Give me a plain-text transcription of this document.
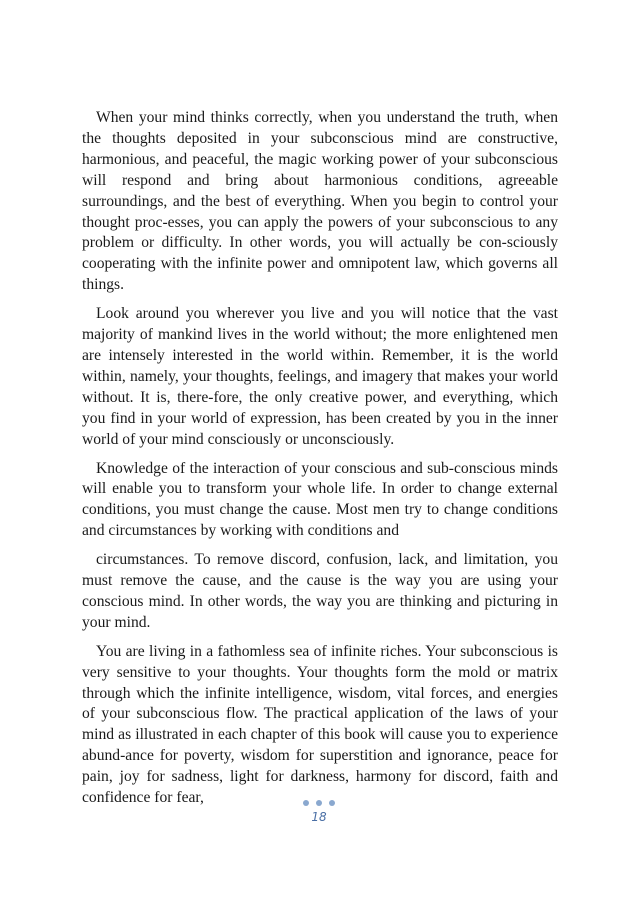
When your mind thinks correctly, when you understand the truth, when the thoughts deposited in your subconscious mind are constructive, harmonious, and peaceful, the magic working power of your subconscious will respond and bring about harmonious conditions, agreeable surroundings, and the best of everything. When you begin to control your thought proc-esses, you can apply the powers of your subconscious to any problem or difficulty. In other words, you will actually be con-sciously cooperating with the infinite power and omnipotent law, which governs all things.

Look around you wherever you live and you will notice that the vast majority of mankind lives in the world without; the more enlightened men are intensely interested in the world within. Remember, it is the world within, namely, your thoughts, feelings, and imagery that makes your world without. It is, there-fore, the only creative power, and everything, which you find in your world of expression, has been created by you in the inner world of your mind consciously or unconsciously.

Knowledge of the interaction of your conscious and sub-conscious minds will enable you to transform your whole life. In order to change external conditions, you must change the cause. Most men try to change conditions and circumstances by working with conditions and

circumstances. To remove discord, confusion, lack, and limitation, you must remove the cause, and the cause is the way you are using your conscious mind. In other words, the way you are thinking and picturing in your mind.

You are living in a fathomless sea of infinite riches. Your subconscious is very sensitive to your thoughts. Your thoughts form the mold or matrix through which the infinite intelligence, wisdom, vital forces, and energies of your subconscious flow. The practical application of the laws of your mind as illustrated in each chapter of this book will cause you to experience abund-ance for poverty, wisdom for superstition and ignorance, peace for pain, joy for sadness, light for darkness, harmony for discord, faith and confidence for fear,

18
